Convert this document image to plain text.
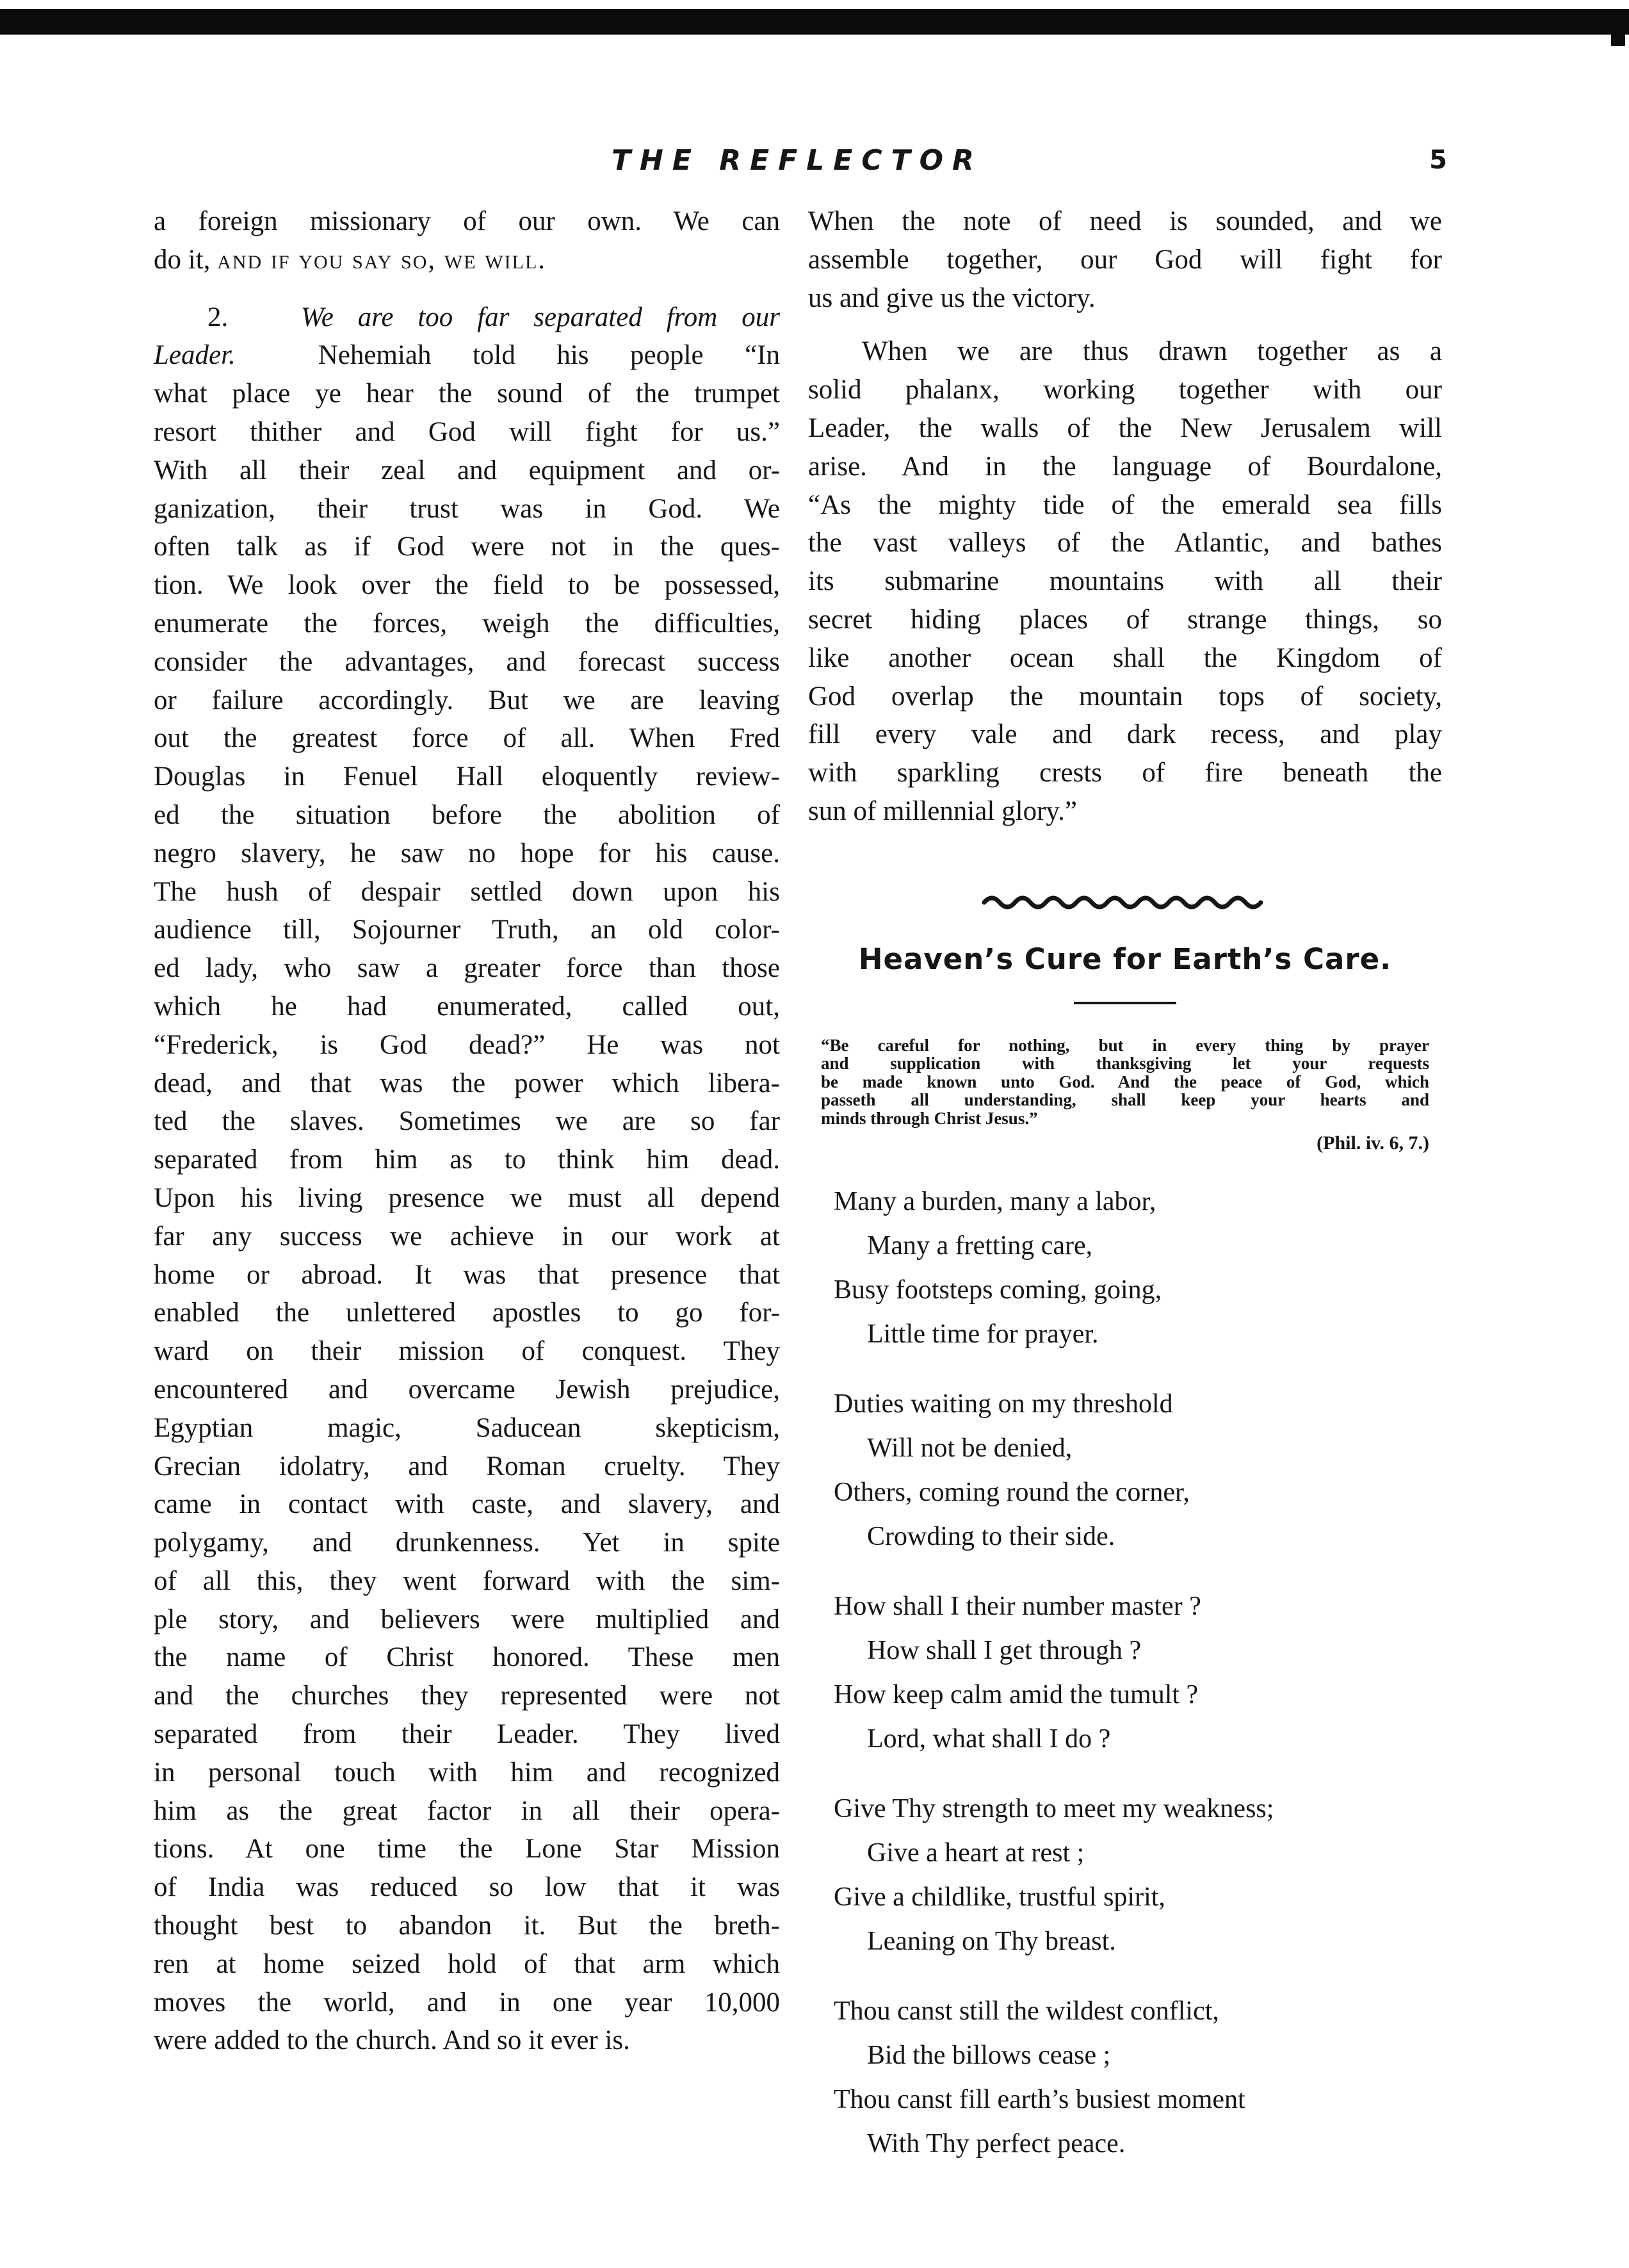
THE REFLECTOR	5

a foreign missionary of our own. We can
do it, and if you say so, we will.

2.	We are too far separated from our
Leader.	Nehemiah told his people “In
what place ye hear the sound of the trumpet
resort thither and God will fight for us.”
With all their zeal and equipment and or-
ganization, their trust was in God. We
often talk as if God were not in the ques-
tion. We look over the field to be possessed,
enumerate the forces, weigh the difficulties,
consider the advantages, and forecast success
or failure accordingly. But we are leaving
out the greatest force of all. When Fred
Douglas in Fenuel Hall eloquently review-
ed the situation before the abolition of
negro slavery, he saw no hope for his cause.
The hush of despair settled down upon his
audience till, Sojourner Truth, an old color-
ed lady, who saw a greater force than those
which he had enumerated, called out,
“Frederick, is God dead?” He was not
dead, and that was the power which libera-
ted the slaves. Sometimes we are so far
separated from him as to think him dead.
Upon his living presence we must all depend
far any success we achieve in our work at
home or abroad. It was that presence that
enabled the unlettered apostles to go for-
ward on their mission of conquest. They
encountered and overcame Jewish prejudice,
Egyptian magic, Saducean skepticism,
Grecian idolatry, and Roman cruelty. They
came in contact with caste, and slavery, and
polygamy, and drunkenness. Yet in spite
of all this, they went forward with the sim-
ple story, and believers were multiplied and
the name of Christ honored. These men
and the churches they represented were not
separated from their Leader. They lived
in personal touch with him and recognized
him as the great factor in all their opera-
tions. At one time the Lone Star Mission
of India was reduced so low that it was
thought best to abandon it. But the breth-
ren at home seized hold of that arm which
moves the world, and in one year 10,000
were added to the church. And so it ever is.

When the note of need is sounded, and we
assemble together, our God will fight for
us and give us the victory.

When we are thus drawn together as a
solid phalanx, working together with our
Leader, the walls of the New Jerusalem will
arise. And in the language of Bourdalone,
“As the mighty tide of the emerald sea fills
the vast valleys of the Atlantic, and bathes
its submarine mountains with all their
secret hiding places of strange things, so
like another ocean shall the Kingdom of
God overlap the mountain tops of society,
fill every vale and dark recess, and play
with sparkling crests of fire beneath the
sun of millennial glory.”

Heaven’s Cure for Earth’s Care.
“Be careful for nothing, but in every thing by prayer
and supplication with thanksgiving let your requests
be made known unto God. And the peace of God, which
passeth all understanding, shall keep your hearts and
minds through Christ Jesus.”
(Phil. iv. 6, 7.)
Many a burden, many a labor,
Many a fretting care,
Busy footsteps coming, going,
Little time for prayer.
Duties waiting on my threshold
Will not be denied,
Others, coming round the corner,
Crowding to their side.
How shall I their number master ?
How shall I get through ?
How keep calm amid the tumult ?
Lord, what shall I do ?
Give Thy strength to meet my weakness;
Give a heart at rest ;
Give a childlike, trustful spirit,
Leaning on Thy breast.
Thou canst still the wildest conflict,
Bid the billows cease ;
Thou canst fill earth’s busiest moment
With Thy perfect peace.
